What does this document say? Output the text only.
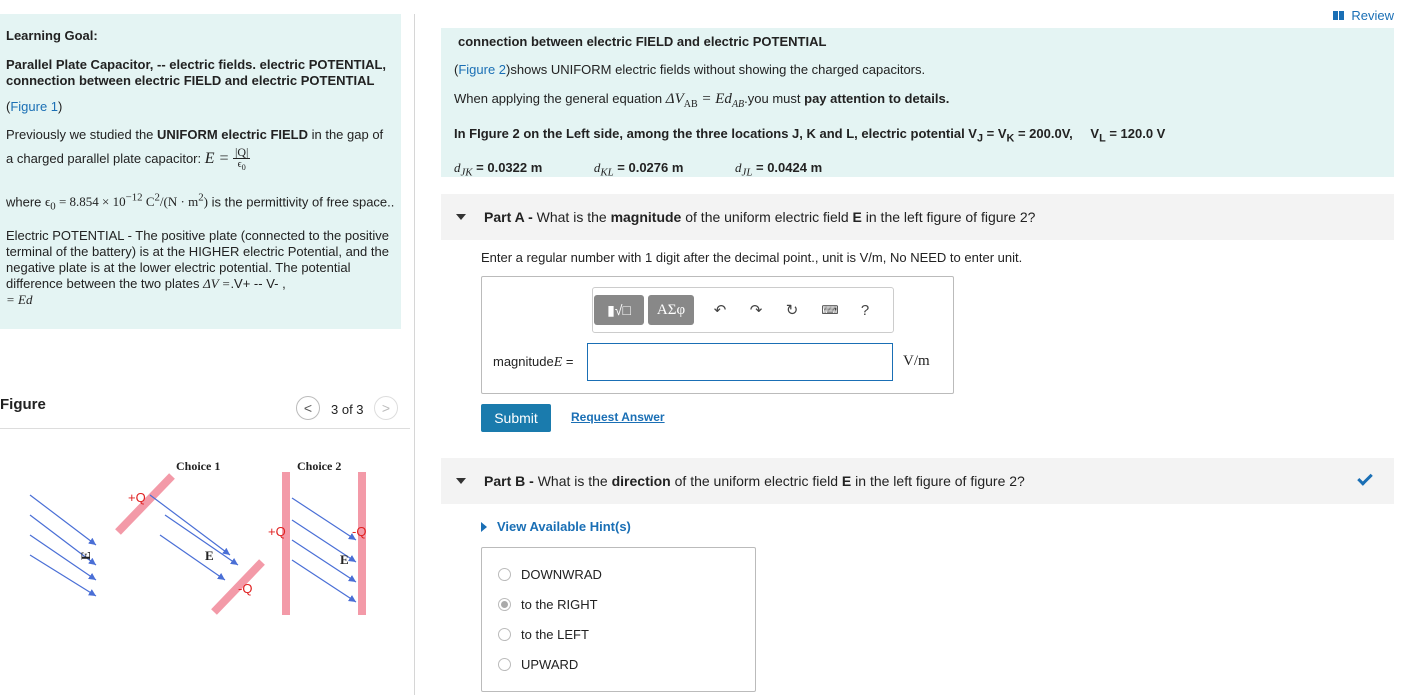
Learning Goal:
Parallel Plate Capacitor, -- electric fields. electric POTENTIAL, connection between electric FIELD and electric POTENTIAL

(Figure 1)

Previously we studied the UNIFORM electric FIELD in the gap of
a charged parallel plate capacitor: $E = \frac{|Q|}{\epsilon_0}$

where $\epsilon_0 = 8.854 \times 10^{-12}$ $C^2/(N \cdot m^2)$ is the permittivity of free space..

Electric POTENTIAL - The positive plate (connected to the positive terminal of the battery) is at the HIGHER electric Potential, and the negative plate is at the lower electric potential. The potential difference between the two plates ΔV =.V+ -- V- ,
= Ed

Figure	<	3 of 3	>
E
Choice 1
+Q
-Q
E
Choice 2
+Q	-Q
E
Review
connection between electric FIELD and electric POTENTIAL
(Figure 2)shows UNIFORM electric fields without showing the charged capacitors.
When applying the general equation $\Delta V_{AB} = Ed_{AB}.you$ must pay attention to details.
In FIgure 2 on the Left side, among the three locations J, K and L, electric potential $V_J = V_K = 200.0V$, $V_L = 120.0$ V
$d_{JK} = 0.0322$ m	$d_{KL} = 0.0276$ m	$d_{JL} = 0.0424$ m
Part A - What is the magnitude of the uniform electric field E in the left figure of figure 2?
Enter a regular number with 1 digit after the decimal point., unit is V/m, No NEED to enter unit.
▮√□	ΑΣφ	↶	↷	↻	⌨	?
magnitudeE =	V/m
Submit	Request Answer
Part B - What is the direction of the uniform electric field E in the left figure of figure 2?
View Available Hint(s)
DOWNWRAD
to the RIGHT
to the LEFT
UPWARD
